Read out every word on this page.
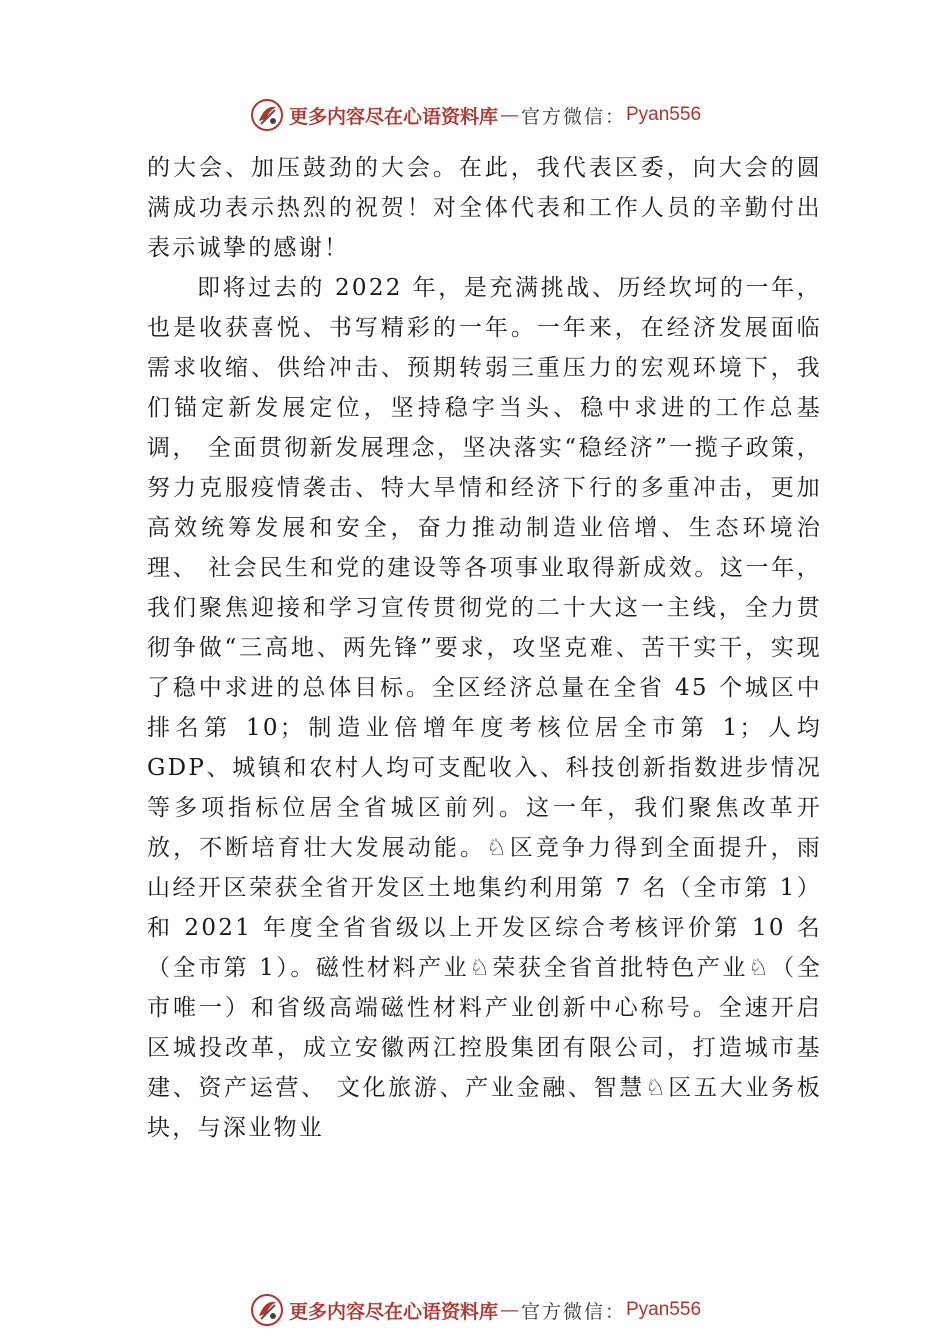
更多内容尽在心语资料库 — 官方微信： Pyan556

的大会、加压鼓劲的大会。在此，我代表区委，向大会的圆满成功表示热烈的祝贺！对全体代表和工作人员的辛勤付出表示诚挚的感谢！

即将过去的 2022 年，是充满挑战、历经坎坷的一年，也是收获喜悦、书写精彩的一年。一年来，在经济发展面临需求收缩、供给冲击、预期转弱三重压力的宏观环境下，我们锚定新发展定位，坚持稳字当头、稳中求进的工作总基调， 全面贯彻新发展理念，坚决落实“稳经济”一揽子政策，努力克服疫情袭击、特大旱情和经济下行的多重冲击，更加高效统筹发展和安全，奋力推动制造业倍增、生态环境治理、 社会民生和党的建设等各项事业取得新成效。这一年，我们聚焦迎接和学习宣传贯彻党的二十大这一主线，全力贯彻争做“三高地、两先锋”要求，攻坚克难、苦干实干，实现了稳中求进的总体目标。全区经济总量在全省 45 个城区中排名第 10；制造业倍增年度考核位居全市第 1；人均 GDP、城镇和农村人均可支配收入、科技创新指数进步情况等多项指标位居全省城区前列。这一年，我们聚焦改革开放，不断培育壮大发展动能。♘区竞争力得到全面提升，雨山经开区荣获全省开发区土地集约利用第 7 名（全市第 1）和 2021 年度全省省级以上开发区综合考核评价第 10 名（全市第 1）。磁性材料产业♘荣获全省首批特色产业♘（全市唯一）和省级高端磁性材料产业创新中心称号。全速开启区城投改革，成立安徽两江控股集团有限公司，打造城市基建、资产运营、 文化旅游、产业金融、智慧♘区五大业务板块，与深业物业

更多内容尽在心语资料库 — 官方微信： Pyan556
